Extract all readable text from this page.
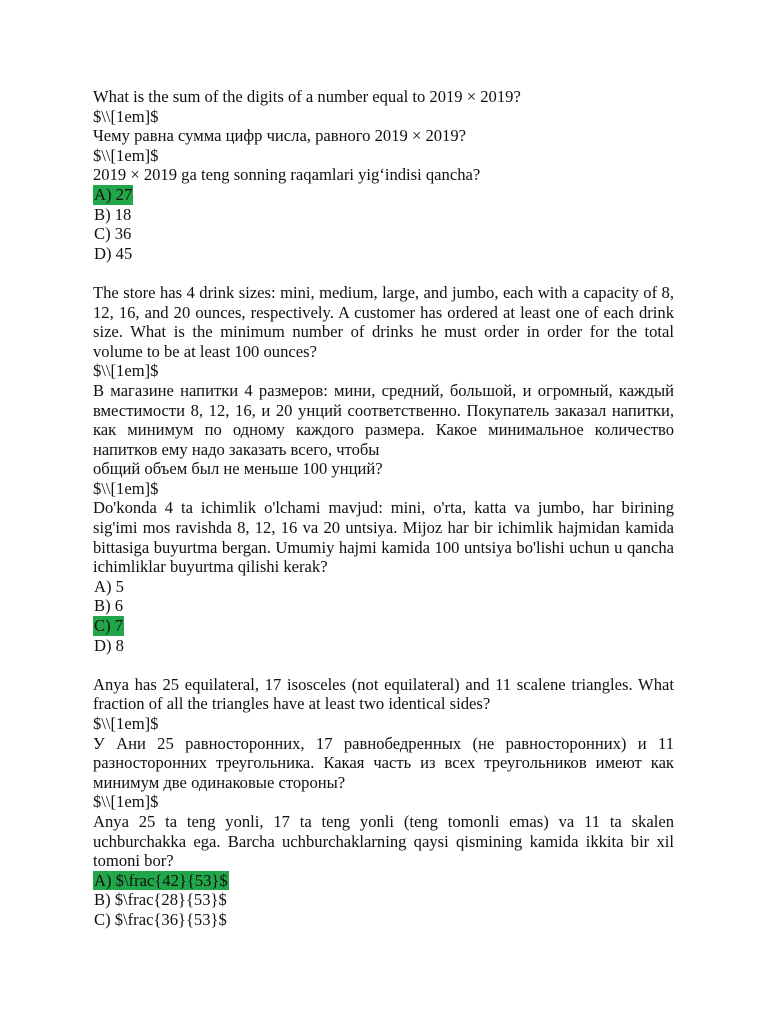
What is the sum of the digits of a number equal to 2019 × 2019?
$\\[1em]$
Чему равна сумма цифр числа, равного 2019 × 2019?
$\\[1em]$
2019 × 2019 ga teng sonning raqamlari yig‘indisi qancha?
A) 27
B) 18
C) 36
D) 45
The store has 4 drink sizes: mini, medium, large, and jumbo, each with a capacity of 8, 12, 16, and 20 ounces, respectively. A customer has ordered at least one of each drink size. What is the minimum number of drinks he must order in order for the total volume to be at least 100 ounces?
$\\[1em]$
В магазине напитки 4 размеров: мини, средний, большой, и огромный, каждый вместимости 8, 12, 16, и 20 унций соответственно. Покупатель заказал напитки, как минимум по одному каждого размера. Какое минимальное количество напитков ему надо заказать всего, чтобы
общий объем был не меньше 100 унций?
$\\[1em]$
Do'konda 4 ta ichimlik o'lchami mavjud: mini, o'rta, katta va jumbo, har birining sig'imi mos ravishda 8, 12, 16 va 20 untsiya. Mijoz har bir ichimlik hajmidan kamida bittasiga buyurtma bergan. Umumiy hajmi kamida 100 untsiya bo'lishi uchun u qancha ichimliklar buyurtma qilishi kerak?
A) 5
B) 6
C) 7
D) 8
Anya has 25 equilateral, 17 isosceles (not equilateral) and 11 scalene triangles. What fraction of all the triangles have at least two identical sides?
$\\[1em]$
У Ани 25 равносторонних, 17 равнобедренных (не равносторонних) и 11 разносторонних треугольника. Какая часть из всех треугольников имеют как минимум две одинаковые стороны?
$\\[1em]$
Anya 25 ta teng yonli, 17 ta teng yonli (teng tomonli emas) va 11 ta skalen uchburchakka ega. Barcha uchburchaklarning qaysi qismining kamida ikkita bir xil tomoni bor?
A) $\frac{42}{53}$
B) $\frac{28}{53}$
C) $\frac{36}{53}$
